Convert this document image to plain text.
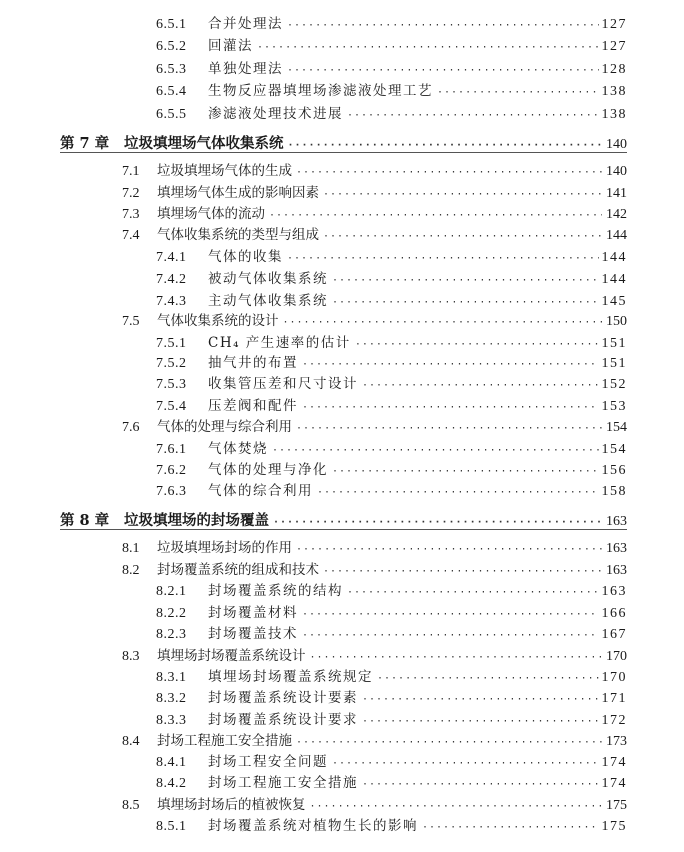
6.5.1	合并处理法 ·····	127
6.5.2	回灌法 ·····	127
6.5.3	单独处理法 ·····	128
6.5.4	生物反应器填埋场渗滤液处理工艺 ·····	138
6.5.5	渗滤液处理技术进展 ·····	138
第 7 章	垃圾填埋场气体收集系统 ·····	140
7.1	垃圾填埋场气体的生成 ·····	140
7.2	填埋场气体生成的影响因素 ·····	141
7.3	填埋场气体的流动 ·····	142
7.4	气体收集系统的类型与组成 ·····	144
7.4.1	气体的收集 ·····	144
7.4.2	被动气体收集系统 ·····	144
7.4.3	主动气体收集系统 ·····	145
7.5	气体收集系统的设计 ·····	150
7.5.1	CH₄ 产生速率的估计 ·····	151
7.5.2	抽气井的布置 ·····	151
7.5.3	收集管压差和尺寸设计 ·····	152
7.5.4	压差阀和配件 ·····	153
7.6	气体的处理与综合利用 ·····	154
7.6.1	气体焚烧 ·····	154
7.6.2	气体的处理与净化 ·····	156
7.6.3	气体的综合利用 ·····	158
第 8 章	垃圾填埋场的封场覆盖 ·····	163
8.1	垃圾填埋场封场的作用 ·····	163
8.2	封场覆盖系统的组成和技术 ·····	163
8.2.1	封场覆盖系统的结构 ·····	163
8.2.2	封场覆盖材料 ·····	166
8.2.3	封场覆盖技术 ·····	167
8.3	填埋场封场覆盖系统设计 ·····	170
8.3.1	填埋场封场覆盖系统规定 ·····	170
8.3.2	封场覆盖系统设计要素 ·····	171
8.3.3	封场覆盖系统设计要求 ·····	172
8.4	封场工程施工安全措施 ·····	173
8.4.1	封场工程安全问题 ·····	174
8.4.2	封场工程施工安全措施 ·····	174
8.5	填埋场封场后的植被恢复 ·····	175
8.5.1	封场覆盖系统对植物生长的影响 ·····	175
